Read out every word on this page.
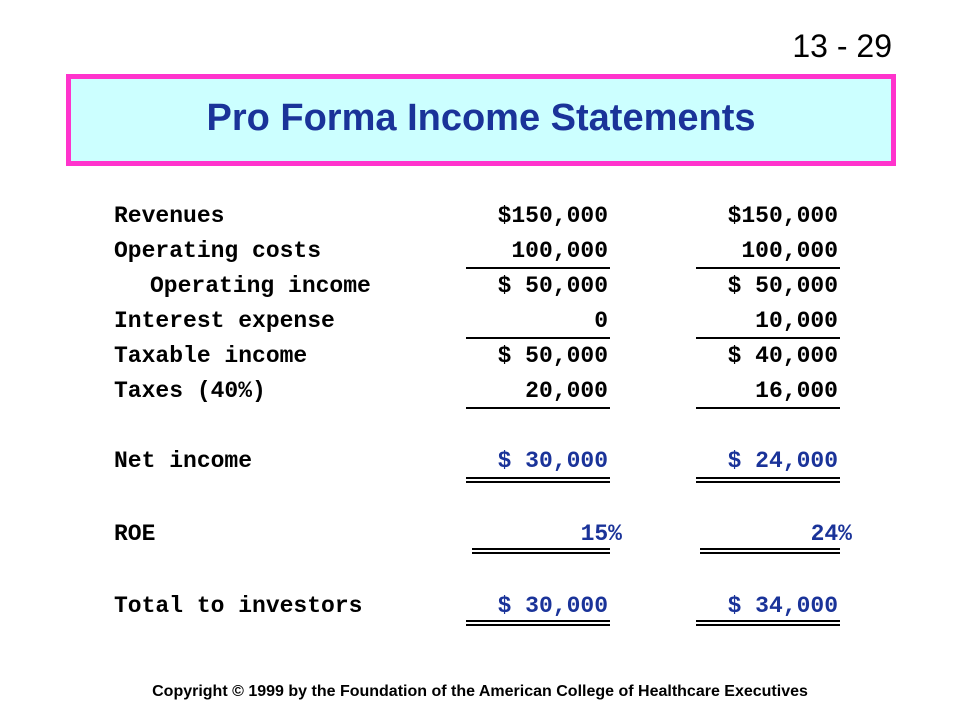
13 - 29
Pro Forma Income Statements
Revenues	$150,000	$150,000
Operating costs	100,000	100,000
Operating income	$ 50,000	$ 50,000
Interest expense	0	10,000
Taxable income	$ 50,000	$ 40,000
Taxes (40%)	20,000	16,000
Net income	$ 30,000	$ 24,000
ROE	15%	24%
Total to investors	$ 30,000	$ 34,000
Copyright © 1999 by the Foundation of the American College of Healthcare Executives
